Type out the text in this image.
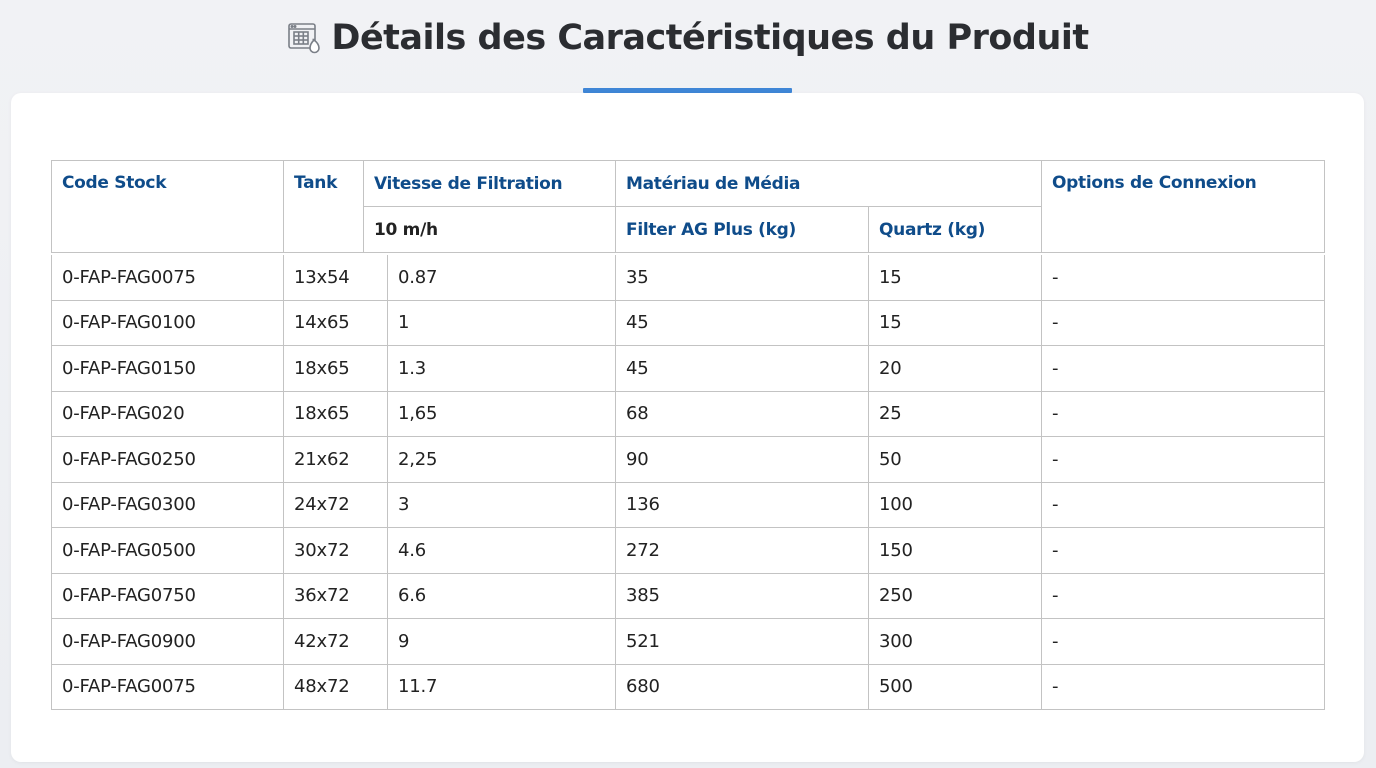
Détails des Caractéristiques du Produit
Code Stock	Tank	Vitesse de Filtration	Matériau de Média		Options de Connexion
		10 m/h	Filter AG Plus (kg)	Quartz (kg)	
0-FAP-FAG0075	13x54	0.87	35	15	-
0-FAP-FAG0100	14x65	1	45	15	-
0-FAP-FAG0150	18x65	1.3	45	20	-
0-FAP-FAG020	18x65	1,65	68	25	-
0-FAP-FAG0250	21x62	2,25	90	50	-
0-FAP-FAG0300	24x72	3	136	100	-
0-FAP-FAG0500	30x72	4.6	272	150	-
0-FAP-FAG0750	36x72	6.6	385	250	-
0-FAP-FAG0900	42x72	9	521	300	-
0-FAP-FAG0075	48x72	11.7	680	500	-
